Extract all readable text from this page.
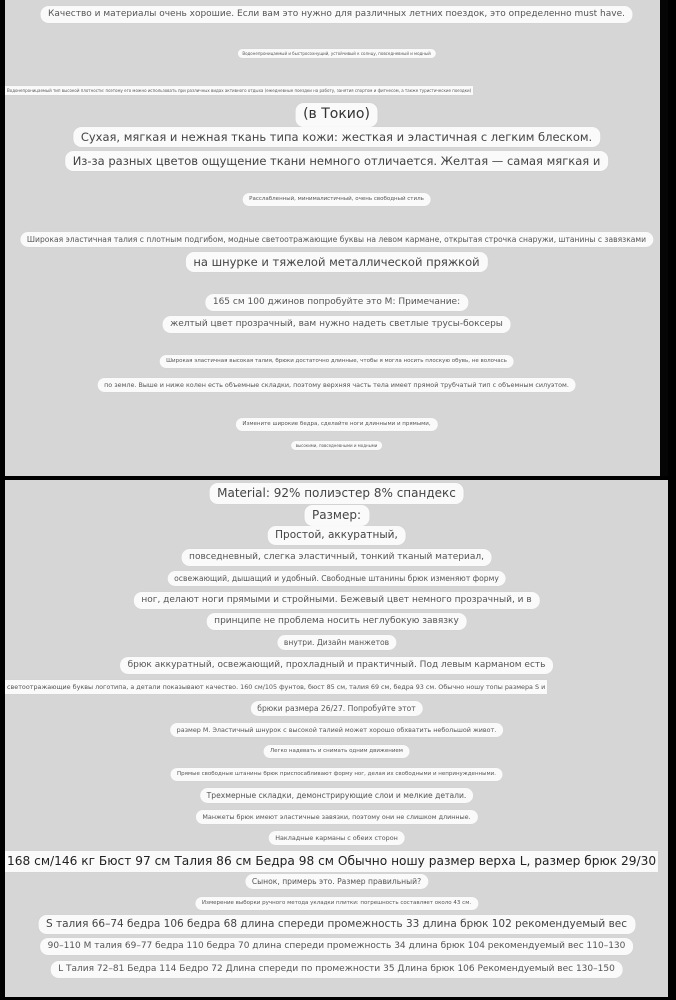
Качество и материалы очень хорошие. Если вам это нужно для различных летних поездок, это определенно must have.
Водонепроницаемый и быстросохнущий, устойчивый к солнцу, повседневный и модный
Водонепроницаемый тип высокой плотности: поэтому его можно использовать при различных видах активного отдыха (ежедневные поездки на работу, занятия спортом и фитнесом, а также туристические поездки)
(в Токио)
Сухая, мягкая и нежная ткань типа кожи: жесткая и эластичная с легким блеском.
Из-за разных цветов ощущение ткани немного отличается. Желтая — самая мягкая и
Расслабленный, минималистичный, очень свободный стиль
Широкая эластичная талия с плотным подгибом, модные светоотражающие буквы на левом кармане, открытая строчка снаружи, штанины с завязками
на шнурке и тяжелой металлической пряжкой
165 см 100 джинов попробуйте это М: Примечание:
желтый цвет прозрачный, вам нужно надеть светлые трусы-боксеры
Широкая эластичная высокая талия, брюки достаточно длинные, чтобы я могла носить плоскую обувь, не волочась
по земле. Выше и ниже колен есть объемные складки, поэтому верхняя часть тела имеет прямой трубчатый тип с объемным силуэтом.
Измените широкие бедра, сделайте ноги длинными и прямыми,
высокими, повседневными и модными
Material: 92% полиэстер 8% спандекс
Размер:
Простой, аккуратный,
повседневный, слегка эластичный, тонкий тканый материал,
освежающий, дышащий и удобный. Свободные штанины брюк изменяют форму
ног, делают ноги прямыми и стройными. Бежевый цвет немного прозрачный, и в
принципе не проблема носить неглубокую завязку
внутри. Дизайн манжетов
брюк аккуратный, освежающий, прохладный и практичный. Под левым карманом есть
светоотражающие буквы логотипа, а детали показывают качество. 160 см/105 фунтов, бюст 85 см, талия 69 см, бедра 93 см. Обычно ношу топы размера S и
брюки размера 26/27. Попробуйте этот
размер М. Эластичный шнурок с высокой талией может хорошо обхватить небольшой живот.
Легко надевать и снимать одним движением
Прямые свободные штанины брюк приспосабливают форму ног, делая их свободными и непринужденными.
Трехмерные складки, демонстрирующие слои и мелкие детали.
Манжеты брюк имеют эластичные завязки, поэтому они не слишком длинные.
Накладные карманы с обеих сторон
168 см/146 кг Бюст 97 см Талия 86 см Бедра 98 см Обычно ношу размер верха L, размер брюк 29/30
Сынок, примерь это. Размер правильный?
Измерение выборки ручного метода укладки плитки: погрешность составляет около 43 см.
S талия 66–74 бедра 106 бедра 68 длина спереди промежность 33 длина брюк 102 рекомендуемый вес
90–110 М талия 69–77 бедра 110 бедра 70 длина спереди промежность 34 длина брюк 104 рекомендуемый вес 110–130
L Талия 72–81 Бедра 114 Бедро 72 Длина спереди по промежности 35 Длина брюк 106 Рекомендуемый вес 130–150
